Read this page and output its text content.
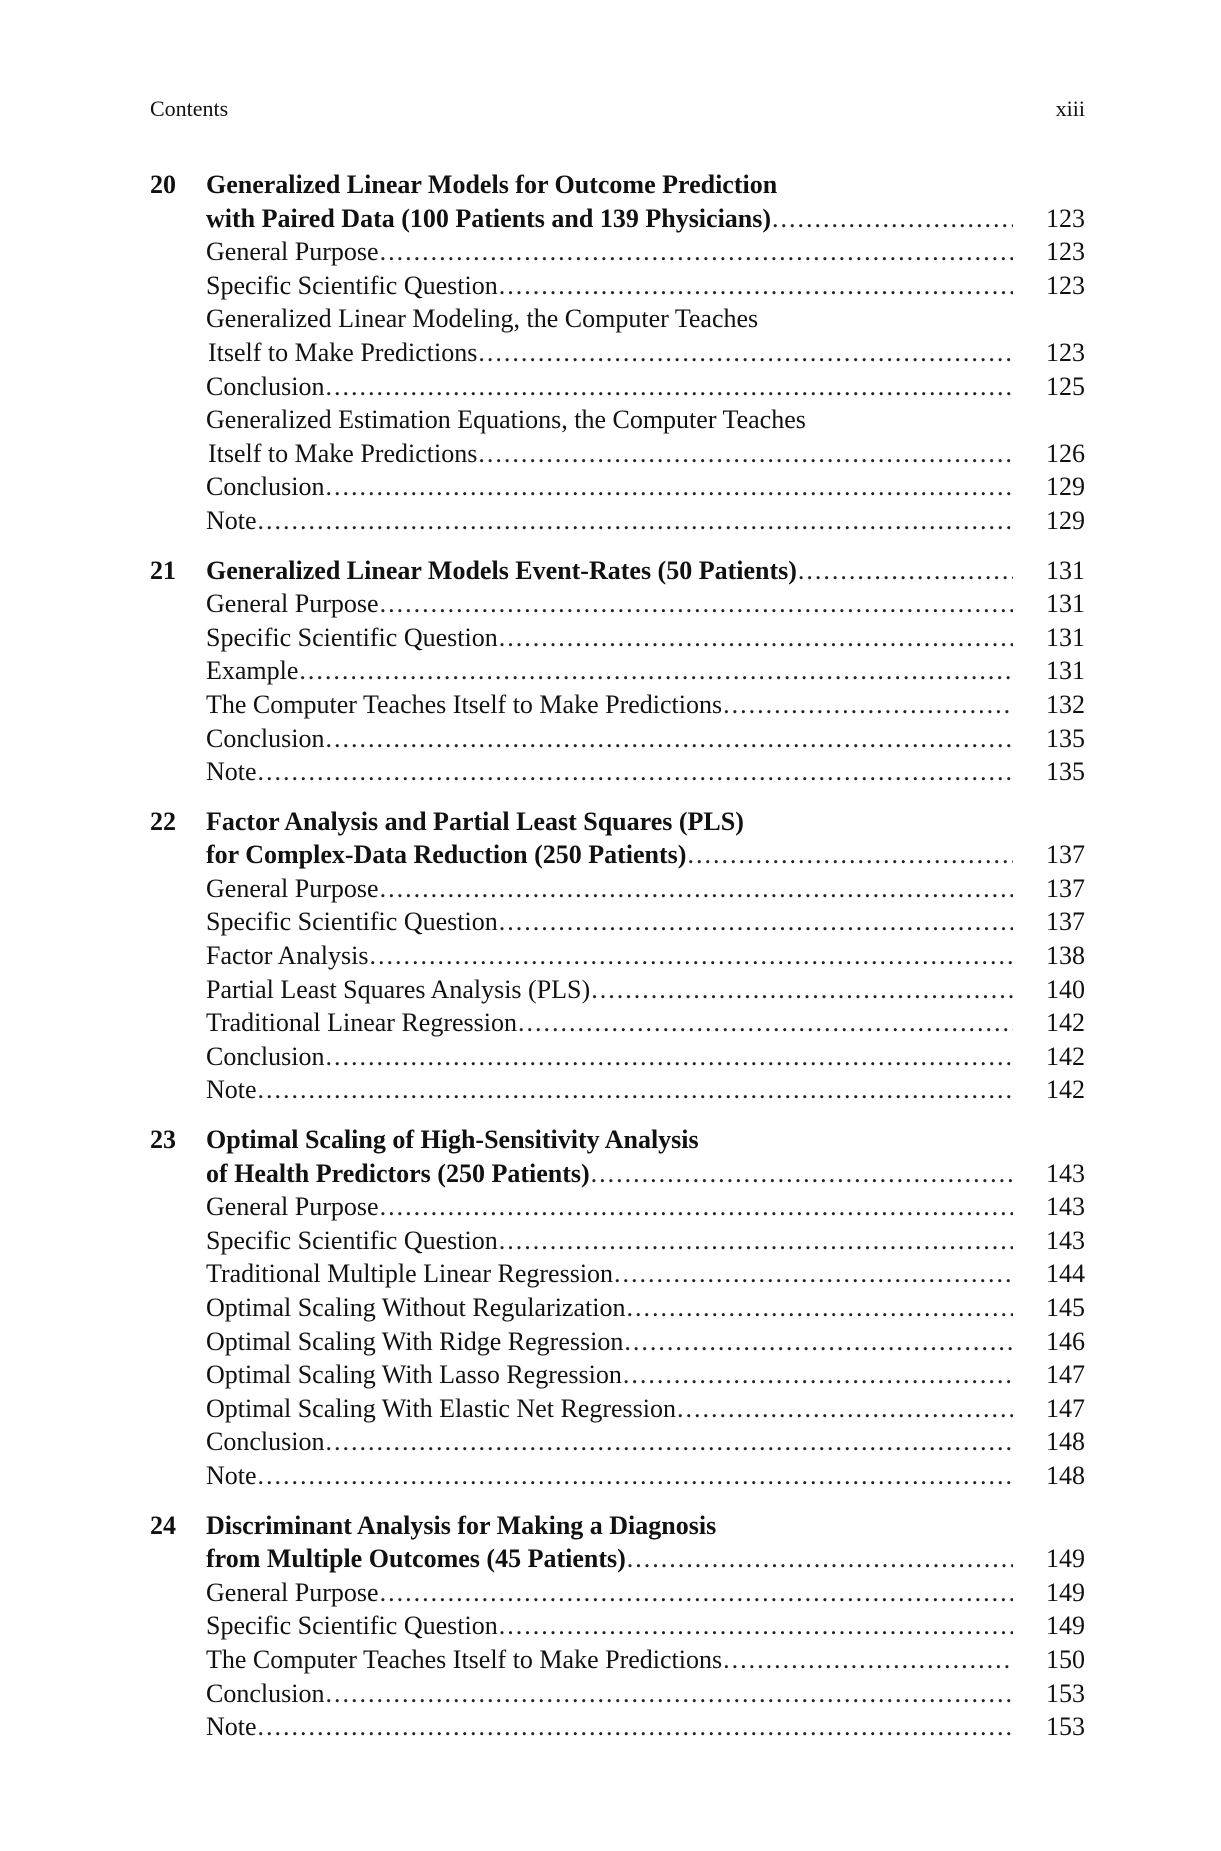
Contents	xiii
20	Generalized Linear Models for Outcome Prediction
with Paired Data (100 Patients and 139 Physicians) .....	123
General Purpose .....	123
Specific Scientific Question .....	123
Generalized Linear Modeling, the Computer Teaches
Itself to Make Predictions .....	123
Conclusion .....	125
Generalized Estimation Equations, the Computer Teaches
Itself to Make Predictions .....	126
Conclusion .....	129
Note .....	129
21	Generalized Linear Models Event-Rates (50 Patients) .....	131
General Purpose .....	131
Specific Scientific Question .....	131
Example .....	131
The Computer Teaches Itself to Make Predictions .....	132
Conclusion .....	135
Note .....	135
22	Factor Analysis and Partial Least Squares (PLS)
for Complex-Data Reduction (250 Patients) .....	137
General Purpose .....	137
Specific Scientific Question .....	137
Factor Analysis .....	138
Partial Least Squares Analysis (PLS) .....	140
Traditional Linear Regression .....	142
Conclusion .....	142
Note .....	142
23	Optimal Scaling of High-Sensitivity Analysis
of Health Predictors (250 Patients) .....	143
General Purpose .....	143
Specific Scientific Question .....	143
Traditional Multiple Linear Regression .....	144
Optimal Scaling Without Regularization .....	145
Optimal Scaling With Ridge Regression .....	146
Optimal Scaling With Lasso Regression .....	147
Optimal Scaling With Elastic Net Regression .....	147
Conclusion .....	148
Note .....	148
24	Discriminant Analysis for Making a Diagnosis
from Multiple Outcomes (45 Patients) .....	149
General Purpose .....	149
Specific Scientific Question .....	149
The Computer Teaches Itself to Make Predictions .....	150
Conclusion .....	153
Note .....	153
